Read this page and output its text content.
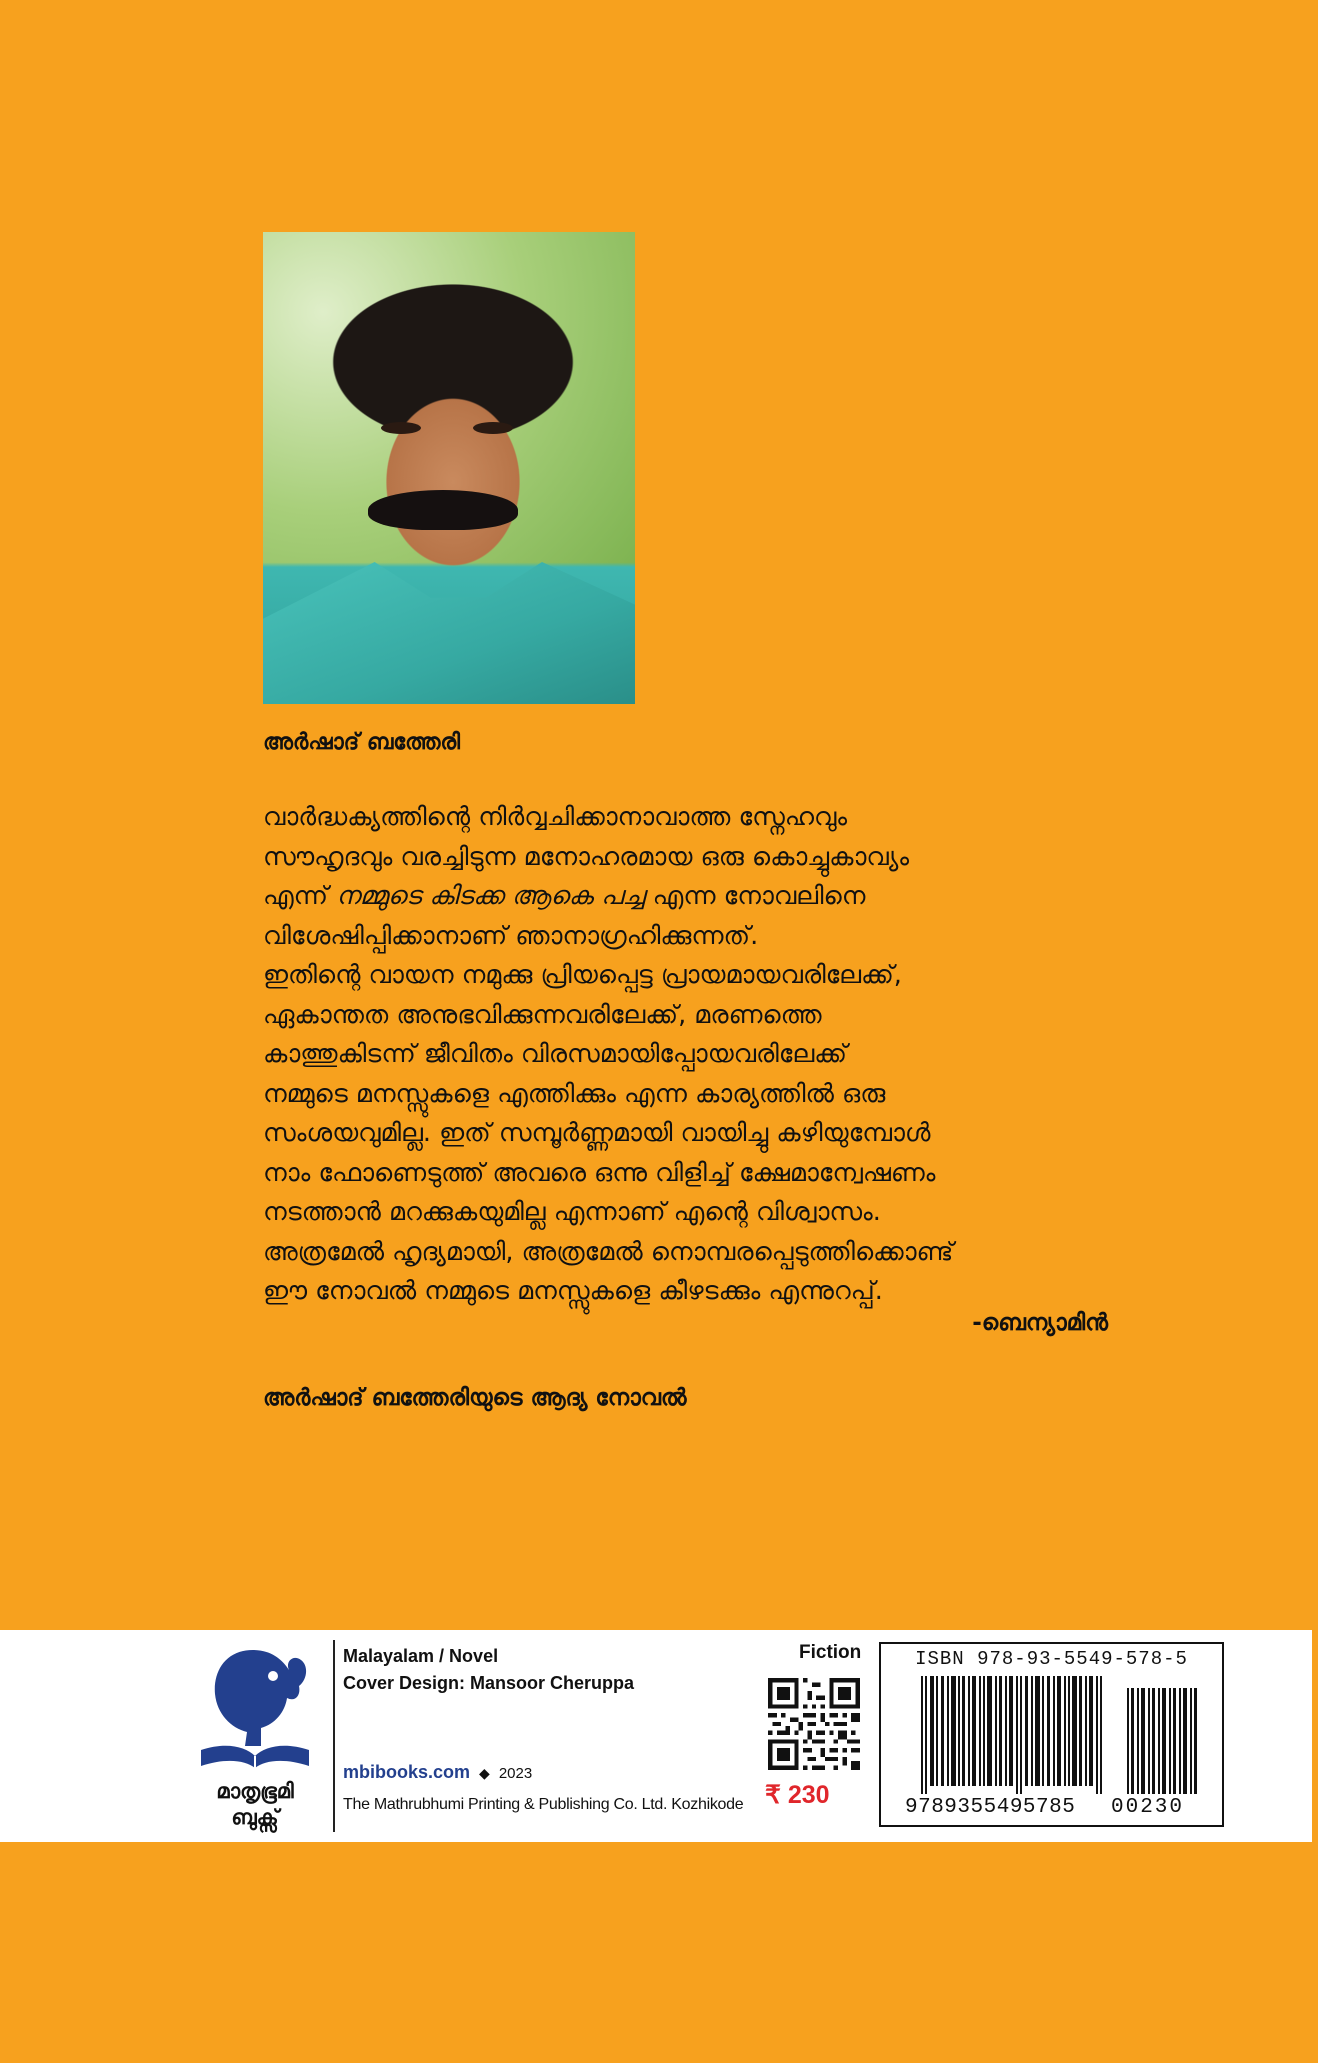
അർഷാദ് ബത്തേരി

വാർദ്ധക്യത്തിന്റെ നിർവ്വചിക്കാനാവാത്ത സ്നേഹവും

സൗഹൃദവും വരച്ചിടുന്ന മനോഹരമായ ഒരു കൊച്ചുകാവ്യം

എന്ന് നമ്മുടെ കിടക്ക ആകെ പച്ച എന്ന നോവലിനെ

വിശേഷിപ്പിക്കാനാണ് ഞാനാഗ്രഹിക്കുന്നത്.

ഇതിന്റെ വായന നമുക്കു പ്രിയപ്പെട്ട പ്രായമായവരിലേക്ക്,

ഏകാന്തത അനുഭവിക്കുന്നവരിലേക്ക്, മരണത്തെ

കാത്തുകിടന്ന് ജീവിതം വിരസമായിപ്പോയവരിലേക്ക്

നമ്മുടെ മനസ്സുകളെ എത്തിക്കും എന്ന കാര്യത്തിൽ ഒരു

സംശയവുമില്ല. ഇത് സമ്പൂർണ്ണമായി വായിച്ചു കഴിയുമ്പോൾ

നാം ഫോണെടുത്ത് അവരെ ഒന്നു വിളിച്ച് ക്ഷേമാന്വേഷണം

നടത്താൻ മറക്കുകയുമില്ല എന്നാണ് എന്റെ വിശ്വാസം.

അത്രമേൽ ഹൃദ്യമായി, അത്രമേൽ നൊമ്പരപ്പെടുത്തിക്കൊണ്ട്

ഈ നോവൽ നമ്മുടെ മനസ്സുകളെ കീഴടക്കും എന്നുറപ്പ്.

-ബെന്യാമിൻ
അർഷാദ് ബത്തേരിയുടെ ആദ്യ നോവൽ
മാതൃഭൂമി
ബുക്സ്
Malayalam / Novel
Cover Design: Mansoor Cheruppa
mbibooks.com ◆ 2023
The Mathrubhumi Printing & Publishing Co. Ltd. Kozhikode
Fiction
₹ 230
ISBN 978-93-5549-578-5
9789355495785 00230
